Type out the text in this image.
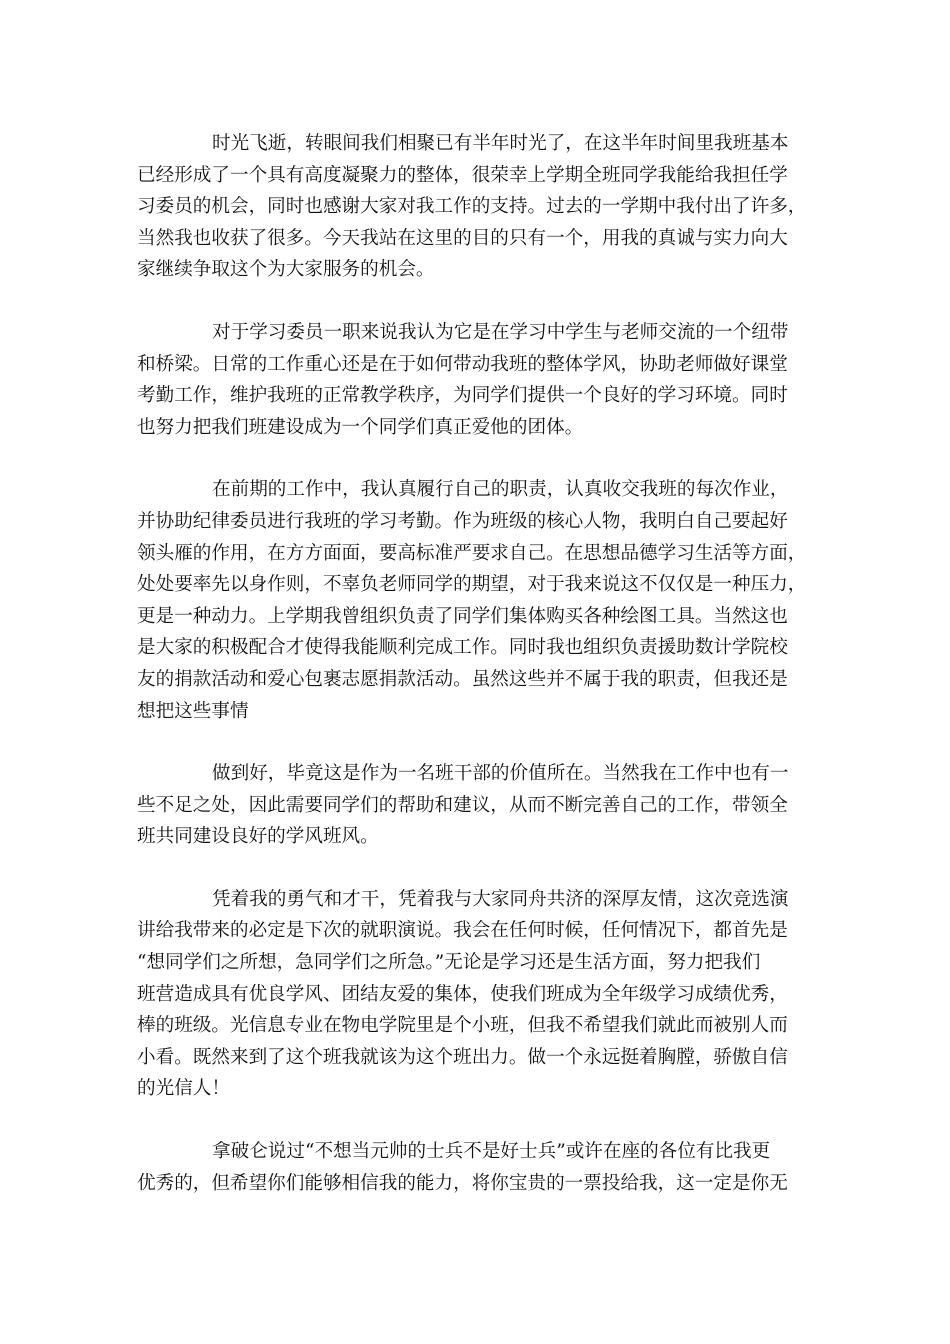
时光飞逝，转眼间我们相聚已有半年时光了，在这半年时间里我班基本
已经形成了一个具有高度凝聚力的整体，很荣幸上学期全班同学我能给我担任学
习委员的机会，同时也感谢大家对我工作的支持。过去的一学期中我付出了许多，
当然我也收获了很多。今天我站在这里的目的只有一个，用我的真诚与实力向大
家继续争取这个为大家服务的机会。
对于学习委员一职来说我认为它是在学习中学生与老师交流的一个纽带
和桥梁。日常的工作重心还是在于如何带动我班的整体学风，协助老师做好课堂
考勤工作，维护我班的正常教学秩序，为同学们提供一个良好的学习环境。同时
也努力把我们班建设成为一个同学们真正爱他的团体。
在前期的工作中，我认真履行自己的职责，认真收交我班的每次作业，
并协助纪律委员进行我班的学习考勤。作为班级的核心人物，我明白自己要起好
领头雁的作用，在方方面面，要高标准严要求自己。在思想品德学习生活等方面，
处处要率先以身作则，不辜负老师同学的期望，对于我来说这不仅仅是一种压力，
更是一种动力。上学期我曾组织负责了同学们集体购买各种绘图工具。当然这也
是大家的积极配合才使得我能顺利完成工作。同时我也组织负责援助数计学院校
友的捐款活动和爱心包裹志愿捐款活动。虽然这些并不属于我的职责，但我还是
想把这些事情
做到好，毕竟这是作为一名班干部的价值所在。当然我在工作中也有一
些不足之处，因此需要同学们的帮助和建议，从而不断完善自己的工作，带领全
班共同建设良好的学风班风。
凭着我的勇气和才干，凭着我与大家同舟共济的深厚友情，这次竞选演
讲给我带来的必定是下次的就职演说。我会在任何时候，任何情况下，都首先是
“想同学们之所想，急同学们之所急。”无论是学习还是生活方面，努力把我们
班营造成具有优良学风、团结友爱的集体，使我们班成为全年级学习成绩优秀，
棒的班级。光信息专业在物电学院里是个小班，但我不希望我们就此而被别人而
小看。既然来到了这个班我就该为这个班出力。做一个永远挺着胸膛，骄傲自信
的光信人！
拿破仑说过“不想当元帅的士兵不是好士兵”或许在座的各位有比我更
优秀的，但希望你们能够相信我的能力，将你宝贵的一票投给我，这一定是你无
